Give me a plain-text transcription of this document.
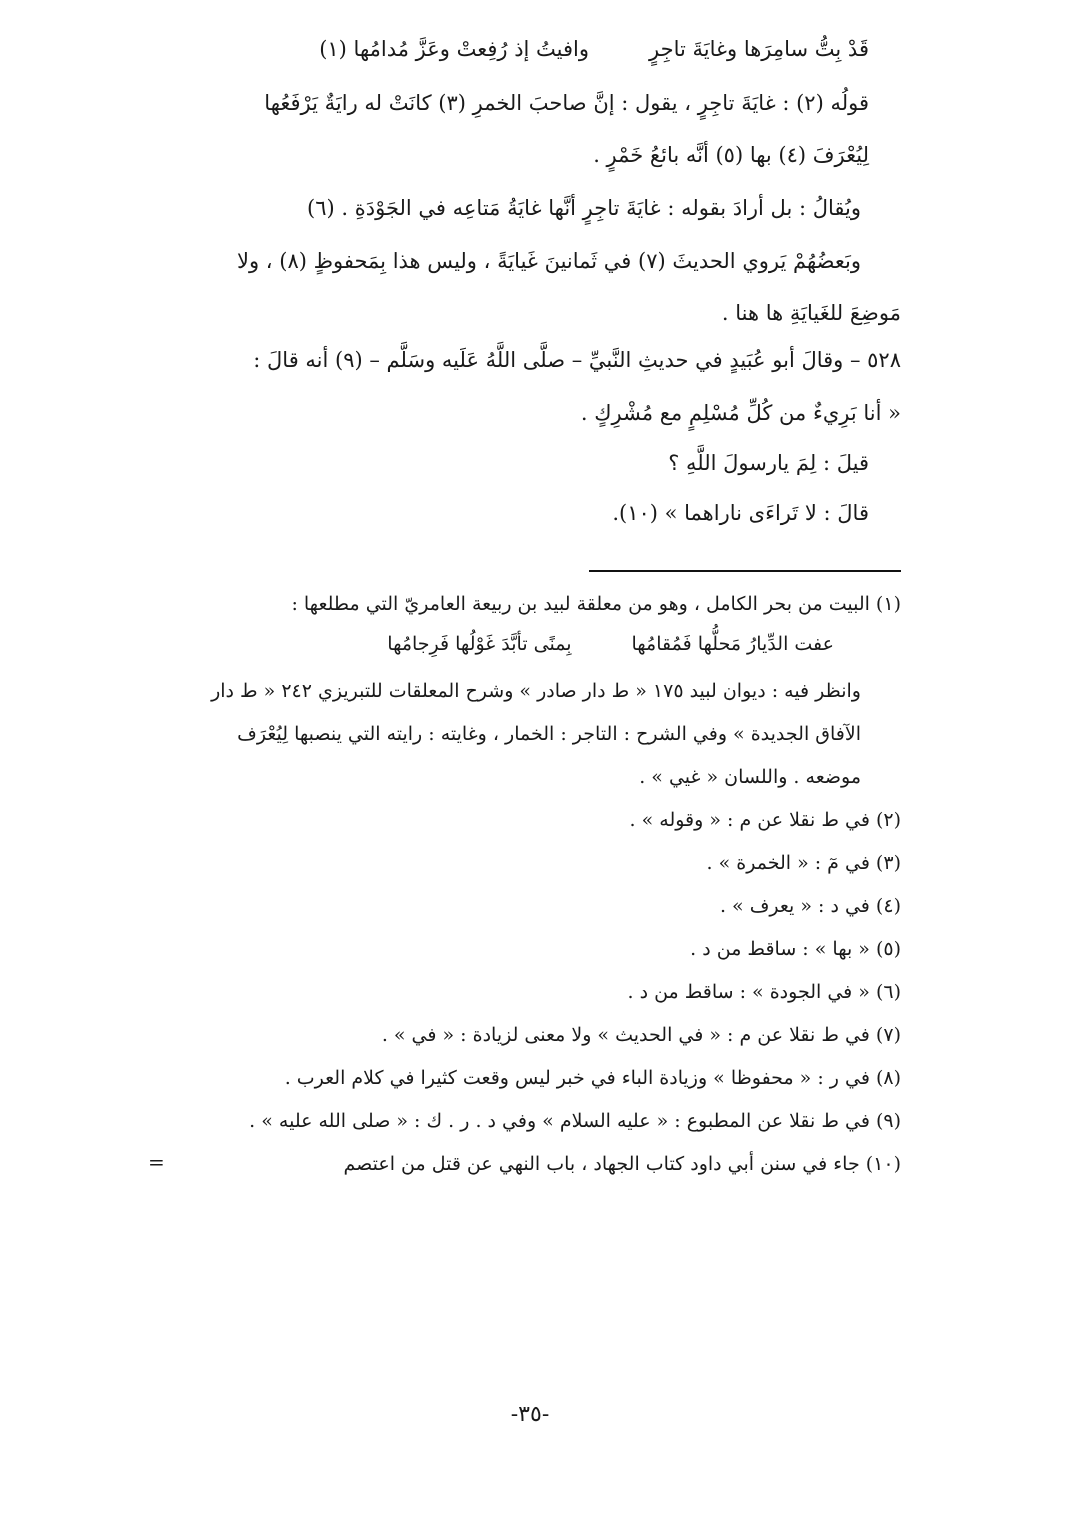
قَدْ بِتُّ سامِرَها وغايَةَ تاجِرٍ
وافيتُ إذ رُفِعتْ وعَزَّ مُدامُها (١)
قولُه (٢) : غايَةَ تاجِرٍ ، يقول : إنَّ صاحبَ الخمرِ (٣) كانَتْ له رايَةٌ يَرْفَعُها
لِيُعْرَفَ (٤) بها (٥) أنَّه بائعُ خَمْرٍ .
ويُقالُ : بل أرادَ بقوله : غايَةَ تاجِرٍ أنَّها غايَةُ مَتاعِه في الجَوْدَةِ . (٦)
وبَعضُهُمْ يَروي الحديثَ (٧) في ثَمانينَ غَيايَةً ، وليس هذا بِمَحفوظٍ (٨) ، ولا
مَوضِعَ للغَيايَةِ ها هنا .
٥٢٨ – وقالَ أبو عُبَيدٍ في حديثِ النَّبيِّ – صلَّى اللَّهُ عَلَيه وسَلَّم – (٩) أنه قالَ :
« أنا بَرِيءٌ من كُلِّ مُسْلِمٍ مع مُشْرِكٍ .
قيلَ : لِمَ يارسولَ اللَّهِ ؟
قالَ : لا تَراءَى ناراهما » (١٠).
(١) البيت من بحر الكامل ، وهو من معلقة لبيد بن ربيعة العامريّ التي مطلعها :
عفت الدِّيارُ مَحلُّها فَمُقامُها
بِمنًى تأبَّدَ غَوْلُها فَرِجامُها
وانظر فيه : ديوان لبيد ١٧٥ « ط دار صادر » وشرح المعلقات للتبريزي ٢٤٢ « ط دار
الآفاق الجديدة » وفي الشرح : التاجر : الخمار ، وغايته : رايته التي ينصبها لِيُعْرَف
موضعه . واللسان « غيي » .
(٢) في ط نقلا عن م : « وقوله » .
(٣) في مٓ : « الخمرة » .
(٤) في د : « يعرف » .
(٥) « بها » : ساقط من د .
(٦) « في الجودة » : ساقط من د .
(٧) في ط نقلا عن م : « في الحديث » ولا معنى لزيادة : « في » .
(٨) في ر : « محفوظا » وزيادة الباء في خبر ليس وقعت كثيرا في كلام العرب .
(٩) في ط نقلا عن المطبوع : « عليه السلام » وفي د . ر . ك : « صلى الله عليه » .
(١٠) جاء في سنن أبي داود كتاب الجهاد ، باب النهي عن قتل من اعتصم
=
-٣٥-
